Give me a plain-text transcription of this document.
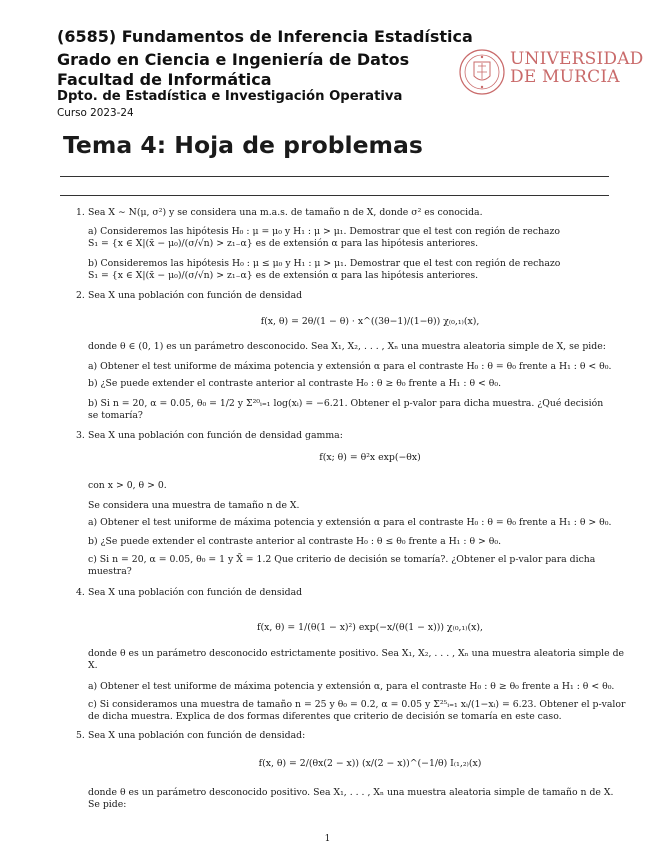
(6585) Fundamentos de Inferencia Estadística
Grado en Ciencia e Ingeniería de Datos
Facultad de Informática
Dpto. de Estadística e Investigación Operativa
Curso 2023-24
UNIVERSIDAD
DE MURCIA
Tema 4: Hoja de problemas
1. Sea X ∼ N(μ, σ²) y se considera una m.a.s. de tamaño n de X, donde σ² es conocida.
a) Consideremos las hipótesis H₀ : μ = μ₀ y H₁ : μ > μ₁. Demostrar que el test con región de rechazo
S₁ = {x ∈ X|(x̄ − μ₀)/(σ/√n) > z₁₋α} es de extensión α para las hipótesis anteriores.
b) Consideremos las hipótesis H₀ : μ ≤ μ₀ y H₁ : μ > μ₁. Demostrar que el test con región de rechazo
S₁ = {x ∈ X|(x̄ − μ₀)/(σ/√n) > z₁₋α} es de extensión α para las hipótesis anteriores.
2. Sea X una población con función de densidad
f(x, θ) = 2θ/(1 − θ) · x^((3θ−1)/(1−θ)) χ₍₀,₁₎(x),
donde θ ∈ (0, 1) es un parámetro desconocido. Sea X₁, X₂, . . . , Xₙ una muestra aleatoria simple de X, se pide:
a) Obtener el test uniforme de máxima potencia y extensión α para el contraste H₀ : θ = θ₀ frente a H₁ : θ < θ₀.
b) ¿Se puede extender el contraste anterior al contraste H₀ : θ ≥ θ₀ frente a H₁ : θ < θ₀.
b) Si n = 20, α = 0.05, θ₀ = 1/2 y Σ²⁰ᵢ₌₁ log(xᵢ) = −6.21. Obtener el p-valor para dicha muestra. ¿Qué decisión
se tomaría?
3. Sea X una población con función de densidad gamma:
f(x; θ) = θ²x exp(−θx)
con x > 0, θ > 0.
Se considera una muestra de tamaño n de X.
a) Obtener el test uniforme de máxima potencia y extensión α para el contraste H₀ : θ = θ₀ frente a H₁ : θ > θ₀.
b) ¿Se puede extender el contraste anterior al contraste H₀ : θ ≤ θ₀ frente a H₁ : θ > θ₀.
c) Si n = 20, α = 0.05, θ₀ = 1 y X̄ = 1.2 Que criterio de decisión se tomaría?. ¿Obtener el p-valor para dicha
muestra?
4. Sea X una población con función de densidad
f(x, θ) = 1/(θ(1 − x)²) exp(−x/(θ(1 − x))) χ₍₀,₁₎(x),
donde θ es un parámetro desconocido estrictamente positivo. Sea X₁, X₂, . . . , Xₙ una muestra aleatoria simple de
X.
a) Obtener el test uniforme de máxima potencia y extensión α, para el contraste H₀ : θ ≥ θ₀ frente a H₁ : θ < θ₀.
c) Si consideramos una muestra de tamaño n = 25 y θ₀ = 0.2, α = 0.05 y Σ²⁵ᵢ₌₁ xᵢ/(1−xᵢ) = 6.23. Obtener el p-valor
de dicha muestra. Explica de dos formas diferentes que criterio de decisión se tomaría en este caso.
5. Sea X una población con función de densidad:
f(x, θ) = 2/(θx(2 − x)) (x/(2 − x))^(−1/θ) I₍₁,₂₎(x)
donde θ es un parámetro desconocido positivo. Sea X₁, . . . , Xₙ una muestra aleatoria simple de tamaño n de X.
Se pide:
1
